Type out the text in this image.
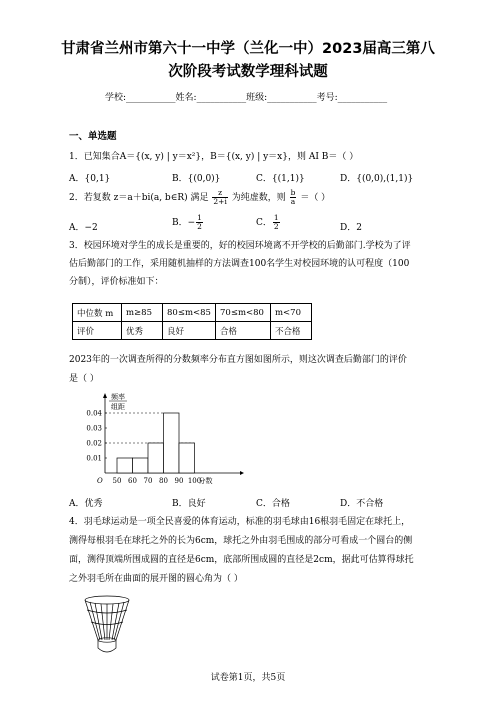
甘肃省兰州市第六十一中学（兰化一中）2023届高三第八
次阶段考试数学理科试题
学校:___________姓名:___________班级:___________考号:___________
一、单选题
1．已知集合A＝{(x, y) | y＝x²}，B＝{(x, y) | y＝x}，则 AI B＝（ ）
A．{0,1}	B．{(0,0)}	C．{(1,1)}	D．{(0,0),(1,1)}
2．若复数 z＝a＋bi(a, b∈R) 满足 $\frac{z}{2+i}$ 为纯虚数，则 $\frac{b}{a}$ ＝（ ）
A．−2	B．− $\frac{1}{2}$	C． $\frac{1}{2}$	D．2
3．校园环境对学生的成长是重要的，好的校园环境离不开学校的后勤部门.学校为了评
估后勤部门的工作，采用随机抽样的方法调查100名学生对校园环境的认可程度（100
分制），评价标准如下：
中位数 m	m≥85	80≤m<85	70≤m<80	m<70
评价	优秀	良好	合格	不合格
2023年的一次调查所得的分数频率分布直方图如图所示，则这次调查后勤部门的评价
是（ ）
0.01
0.02
0.03
0.04
50 60 70 80 90 100
O
频率
组距
分数
A．优秀	B．良好	C．合格	D．不合格
4．羽毛球运动是一项全民喜爱的体育运动，标准的羽毛球由16根羽毛固定在球托上，
测得每根羽毛在球托之外的长为6cm，球托之外由羽毛围成的部分可看成一个圆台的侧
面，测得顶端所围成圆的直径是6cm，底部所围成圆的直径是2cm，据此可估算得球托
之外羽毛所在曲面的展开图的圆心角为（ ）
试卷第1页，共5页
